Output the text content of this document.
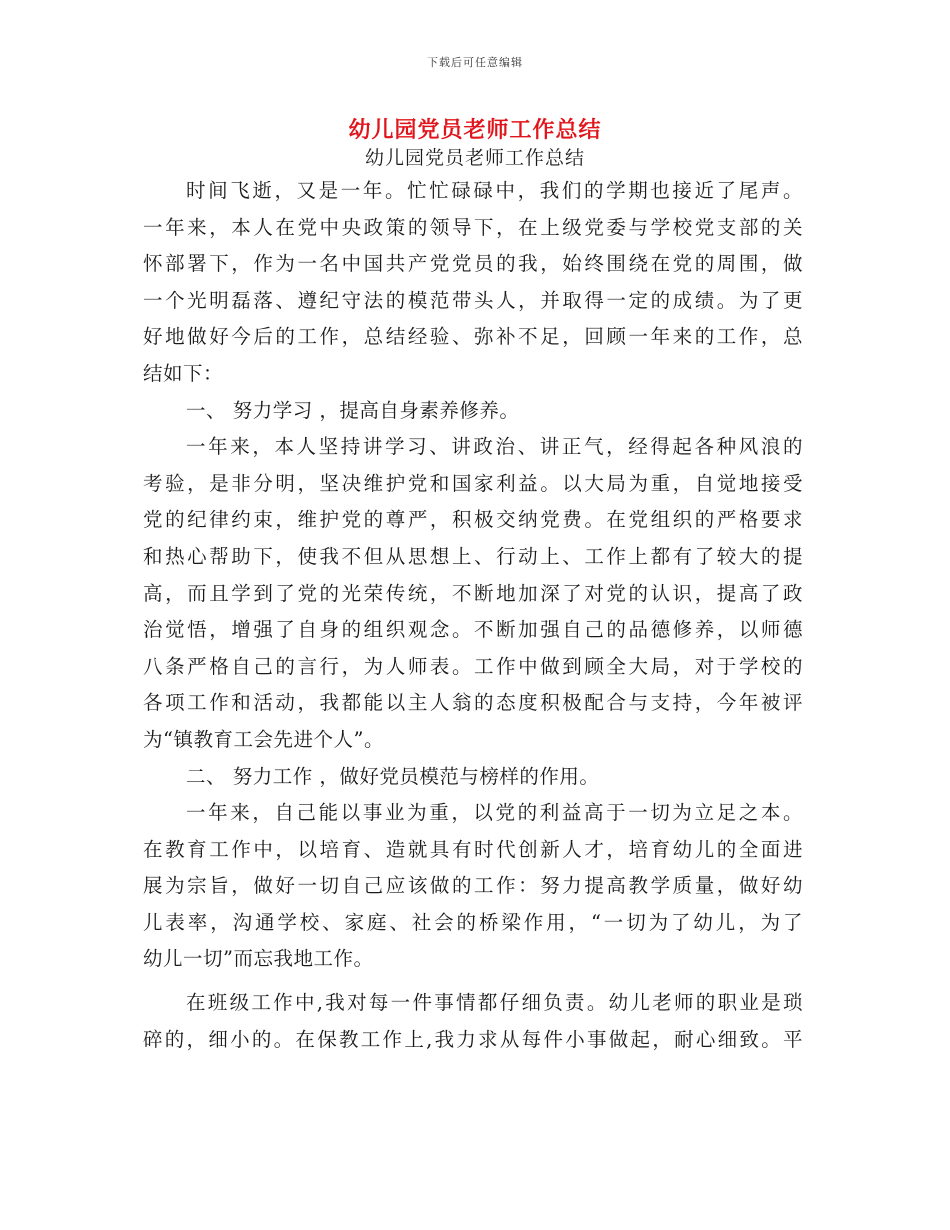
下载后可任意编辑
幼儿园党员老师工作总结
幼儿园党员老师工作总结
时间飞逝，又是一年。忙忙碌碌中，我们的学期也接近了尾声。
一年来，本人在党中央政策的领导下，在上级党委与学校党支部的关
怀部署下，作为一名中国共产党党员的我，始终围绕在党的周围，做
一个光明磊落、遵纪守法的模范带头人，并取得一定的成绩。为了更
好地做好今后的工作，总结经验、弥补不足，回顾一年来的工作，总
结如下：
一、 努力学习 ，提高自身素养修养。
一年来，本人坚持讲学习、讲政治、讲正气，经得起各种风浪的
考验，是非分明，坚决维护党和国家利益。以大局为重，自觉地接受
党的纪律约束，维护党的尊严，积极交纳党费。在党组织的严格要求
和热心帮助下，使我不但从思想上、行动上、工作上都有了较大的提
高，而且学到了党的光荣传统，不断地加深了对党的认识，提高了政
治觉悟，增强了自身的组织观念。不断加强自己的品德修养，以师德
八条严格自己的言行，为人师表。工作中做到顾全大局，对于学校的
各项工作和活动，我都能以主人翁的态度积极配合与支持，今年被评
为“镇教育工会先进个人”。
二、 努力工作 ，做好党员模范与榜样的作用。
一年来，自己能以事业为重，以党的利益高于一切为立足之本。
在教育工作中，以培育、造就具有时代创新人才，培育幼儿的全面进
展为宗旨，做好一切自己应该做的工作：努力提高教学质量，做好幼
儿表率，沟通学校、家庭、社会的桥梁作用，“一切为了幼儿，为了
幼儿一切”而忘我地工作。
在班级工作中,我对每一件事情都仔细负责。幼儿老师的职业是琐
碎的，细小的。在保教工作上,我力求从每件小事做起，耐心细致。平
